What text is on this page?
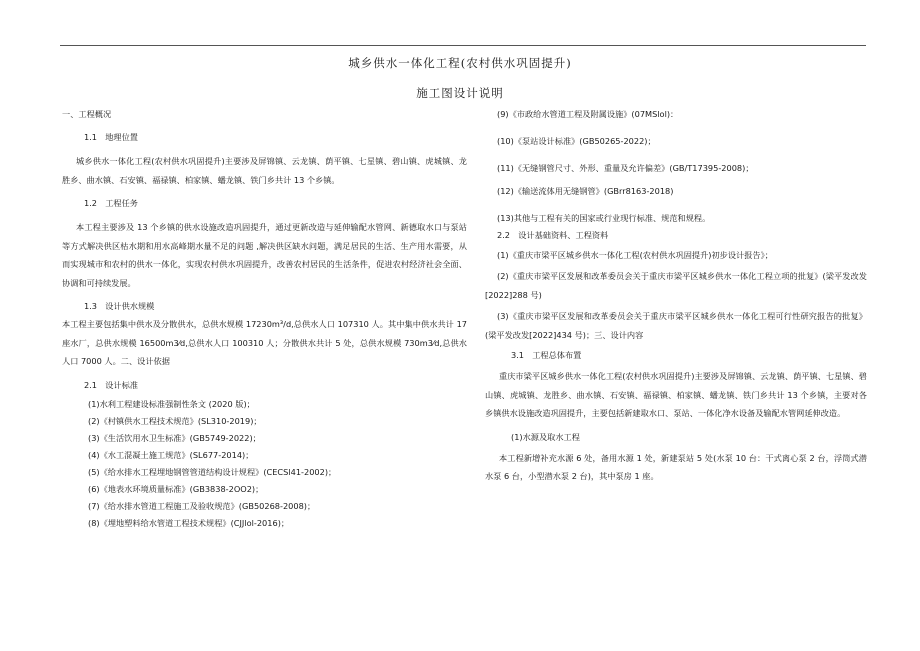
城乡供水一体化工程(农村供水巩固提升)
施工图设计说明

一、工程概况

1.1　地理位置

城乡供水一体化工程(农村供水巩固提升)主要涉及屏锦镇、云龙镇、荫平镇、七星镇、碧山镇、虎城镇、龙胜乡、曲水镇、石安镇、福禄镇、柏家镇、蟠龙镇、铁门乡共计 13 个乡镇。

1.2　工程任务

本工程主要涉及 13 个乡镇的供水设施改造巩固提升，通过更新改造与延伸输配水管网、新德取水口与泵站等方式解决供区枯水期和用水高峰期水量不足的问题 ,解决供区缺水问题，满足居民的生活、生产用水需要，从而实现城市和农村的供水一体化，实现农村供水巩固提升，改善农村居民的生活条件，促进农村经济社会全面、协调和可持续发展。

1.3　设计供水规模

本工程主要包括集中供水及分散供水，总供水规模 17230m³/d,总供水人口 107310 人。其中集中供水共计 17 座水厂，总供水规模 16500m3⁄d,总供水人口 100310 人；分散供水共计 5 处，总供水规模 730m3⁄d,总供水人口 7000 人。二、设计依据

2.1　设计标准

(1)水利工程建设标准强制性条文 (2020 版)；

(2)《村镇供水工程技术规范》(SL310-2019)；

(3)《生活饮用水卫生标准》(GB5749-2022)；

(4)《水工混凝土施工规范》(SL677-2014)；

(5)《给水排水工程埋地钢管管道结构设计规程》(CECSl41-2002)；

(6)《地表水环境质量标准》(GB3838-2OO2)；

(7)《给水排水管道工程施工及验收规范》(GB50268-2008)；

(8)《埋地塑料给水管道工程技术规程》(CJJlol-2016)；

(9)《市政给水管道工程及附属设施》(07MSlol)：

(10)《泵站设计标准》(GB50265-2022)；

(11)《无缝钢管尺寸、外形、重量及允许偏差》(GB/T17395-2008)；

(12)《输送流体用无缝钢管》(GBrr8163-2018)

(13)其他与工程有关的国家或行业现行标准、规范和规程。

2.2　设计基础资料、工程资料

(1)《重庆市梁平区城乡供水一体化工程(农村供水巩固提升)初步设计报告》；

(2)《重庆市梁平区发展和改革委员会关于重庆市梁平区城乡供水一体化工程立项的批复》(梁平发改发[2022]288 号)

(3)《重庆市梁平区发展和改革委员会关于重庆市梁平区城乡供水一体化工程可行性研究报告的批复》(梁平发改发[2022]434 号)；三、设计内容

3.1　工程总体布置

重庆市梁平区城乡供水一体化工程(农村供水巩固提升)主要涉及屏锦镇、云龙镇、荫平镇、七星镇、碧山镇、虎城镇、龙胜乡、曲水镇、石安镇、福禄镇、柏家镇、蟠龙镇、铁门乡共计 13 个乡镇，主要对各乡镇供水设施改造巩固提升，主要包括新建取水口、泵站、一体化净水设备及输配水管网延伸改造。

(1)水源及取水工程

本工程新增补充水源 6 处，备用水源 1 处，新建泵站 5 处(水泵 10 台：干式离心泵 2 台，浮筒式潜水泵 6 台，小型潜水泵 2 台)，其中泵房 1 座。
